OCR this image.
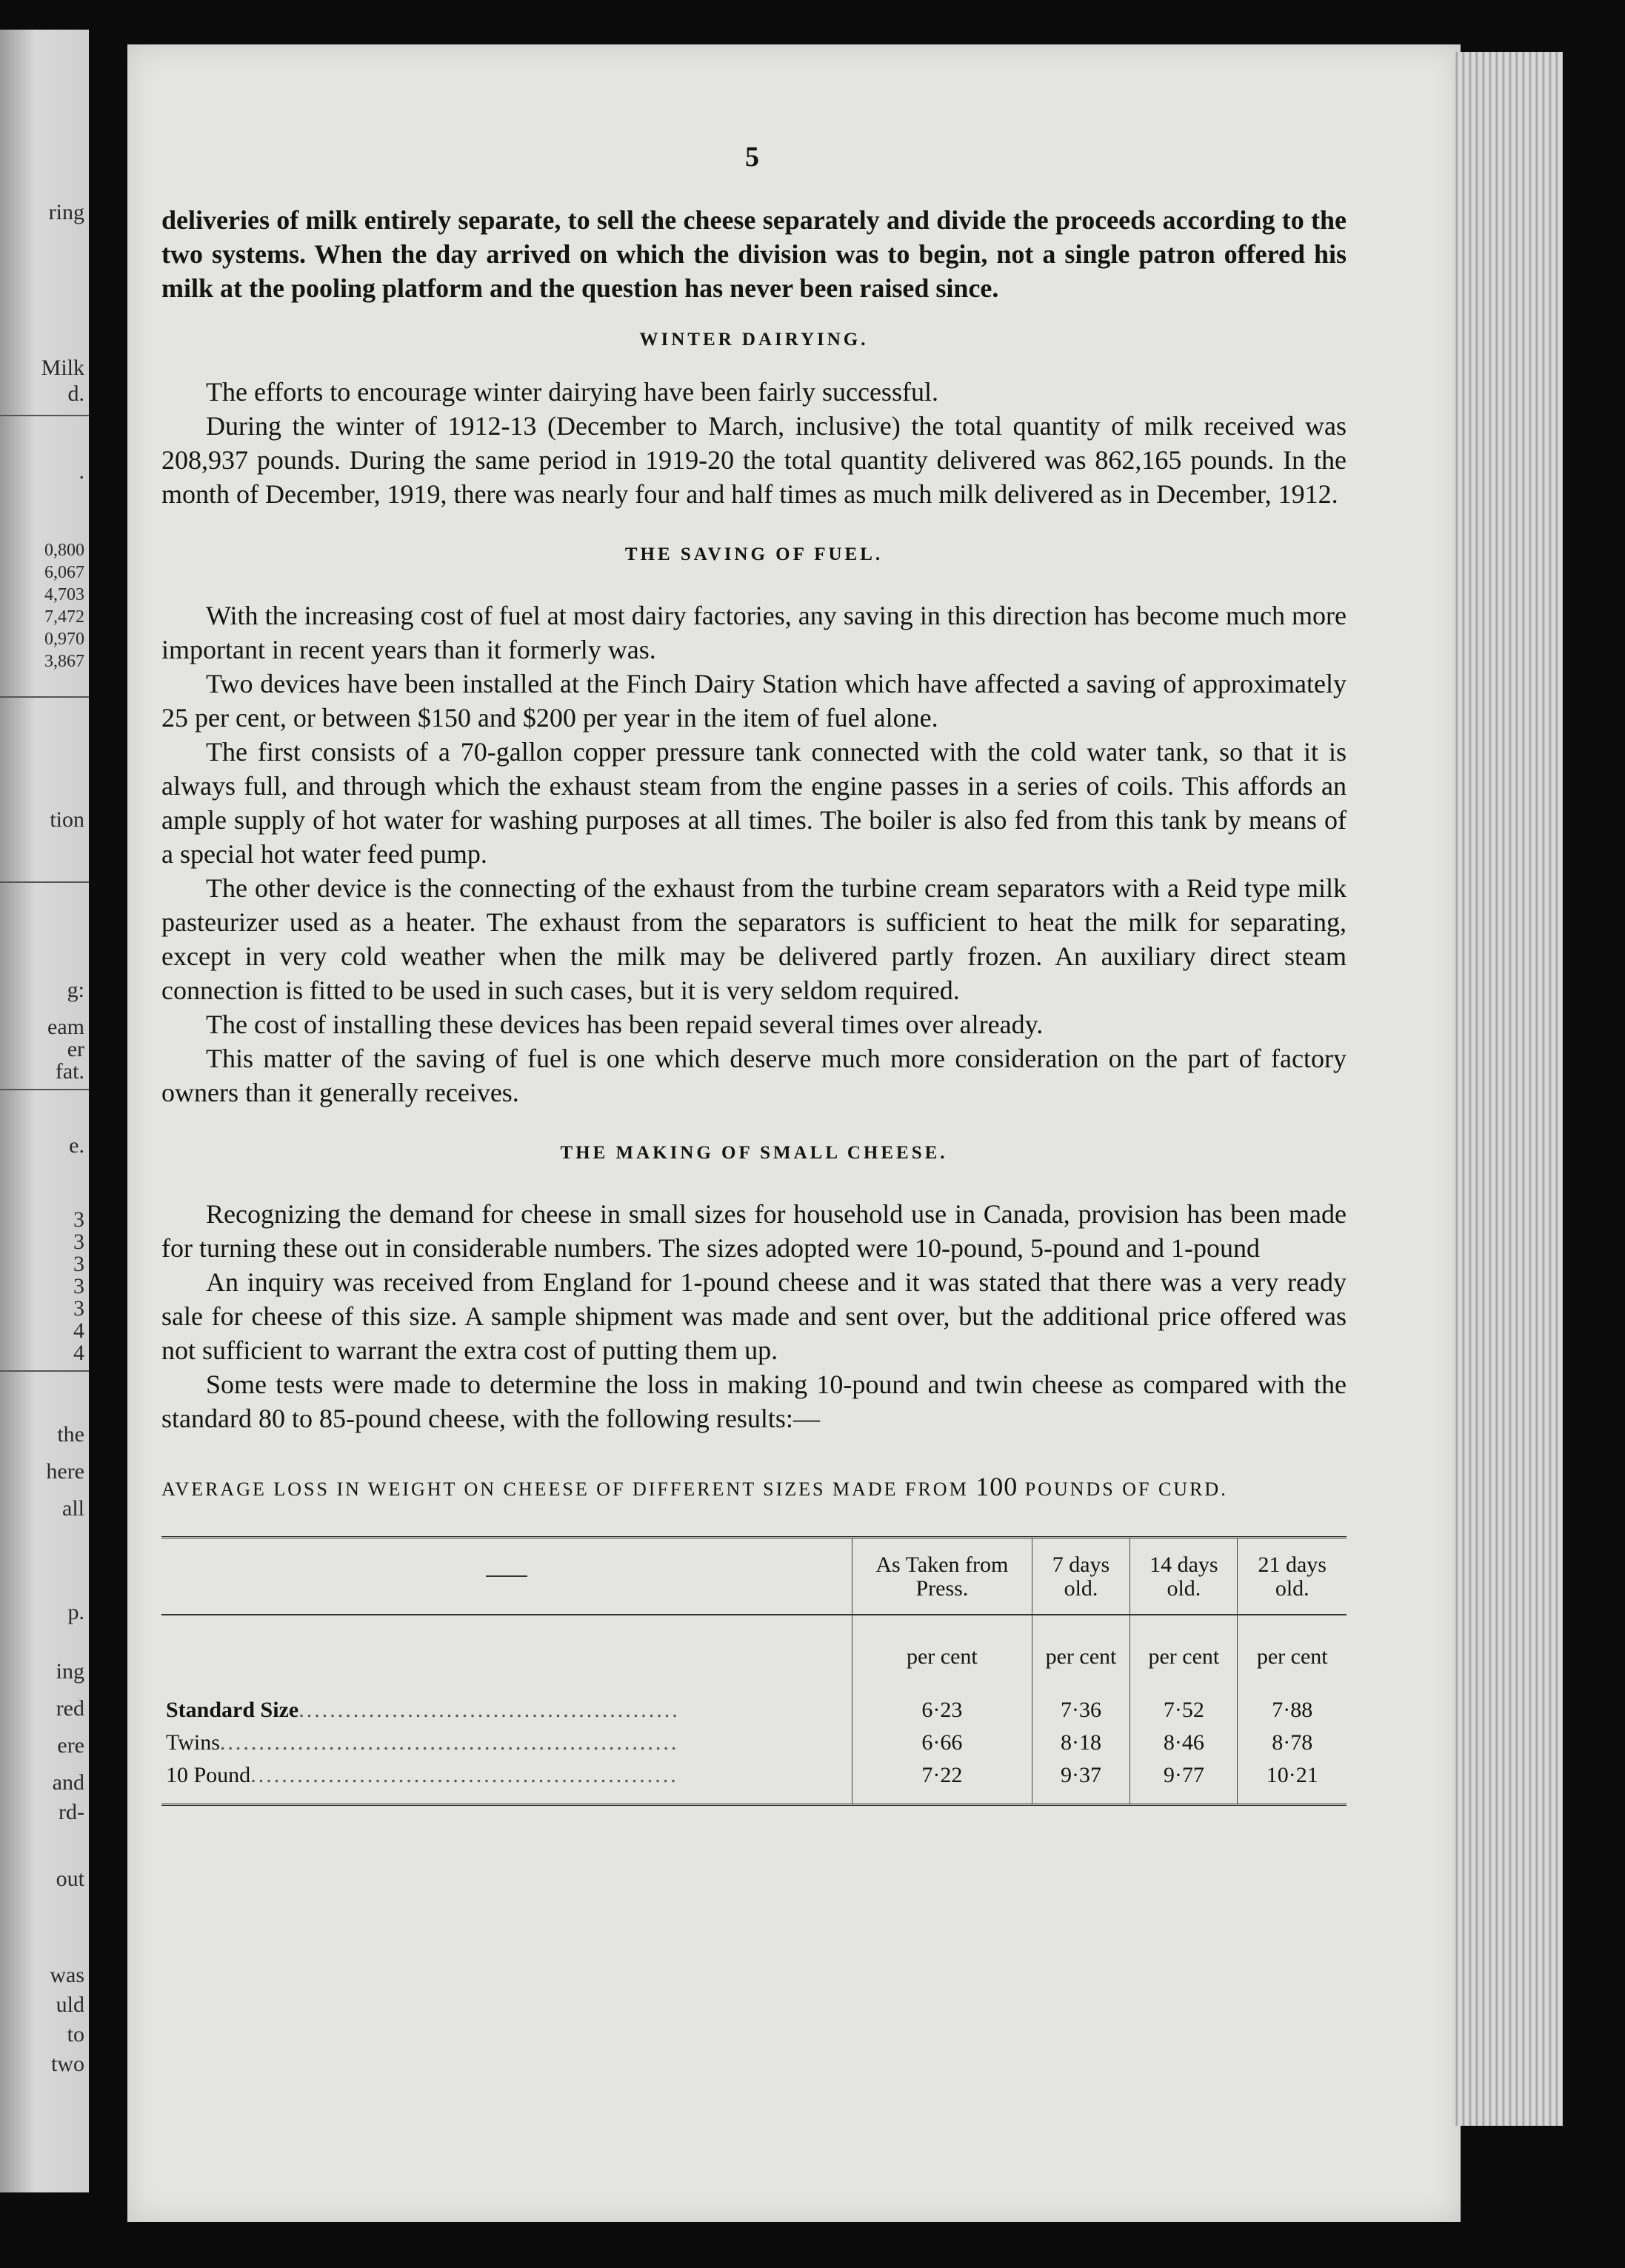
ring
Milk
d.
.
0,800
6,067
4,703
7,472
0,970
3,867
tion
g:
eam
er
fat.
e.
3
3
3
3
3
4
4
the
here
all
p.
ing
red
ere
and
rd-
out
was
uld
to
two
5

deliveries of milk entirely separate, to sell the cheese separately and divide the proceeds according to the two systems. When the day arrived on which the division was to begin, not a single patron offered his milk at the pooling platform and the question has never been raised since.

WINTER DAIRYING.

The efforts to encourage winter dairying have been fairly successful.

During the winter of 1912-13 (December to March, inclusive) the total quantity of milk received was 208,937 pounds. During the same period in 1919-20 the total quantity delivered was 862,165 pounds. In the month of December, 1919, there was nearly four and half times as much milk delivered as in December, 1912.

THE SAVING OF FUEL.

With the increasing cost of fuel at most dairy factories, any saving in this direction has become much more important in recent years than it formerly was.

Two devices have been installed at the Finch Dairy Station which have affected a saving of approximately 25 per cent, or between $150 and $200 per year in the item of fuel alone.

The first consists of a 70-gallon copper pressure tank connected with the cold water tank, so that it is always full, and through which the exhaust steam from the engine passes in a series of coils. This affords an ample supply of hot water for washing purposes at all times. The boiler is also fed from this tank by means of a special hot water feed pump.

The other device is the connecting of the exhaust from the turbine cream separators with a Reid type milk pasteurizer used as a heater. The exhaust from the separators is sufficient to heat the milk for separating, except in very cold weather when the milk may be delivered partly frozen. An auxiliary direct steam connection is fitted to be used in such cases, but it is very seldom required.

The cost of installing these devices has been repaid several times over already.

This matter of the saving of fuel is one which deserve much more consideration on the part of factory owners than it generally receives.

THE MAKING OF SMALL CHEESE.

Recognizing the demand for cheese in small sizes for household use in Canada, provision has been made for turning these out in considerable numbers. The sizes adopted were 10-pound, 5-pound and 1-pound

An inquiry was received from England for 1-pound cheese and it was stated that there was a very ready sale for cheese of this size. A sample shipment was made and sent over, but the additional price offered was not sufficient to warrant the extra cost of putting them up.

Some tests were made to determine the loss in making 10-pound and twin cheese as compared with the standard 80 to 85-pound cheese, with the following results:—

AVERAGE LOSS IN WEIGHT ON CHEESE OF DIFFERENT SIZES MADE FROM 100 POUNDS OF CURD.
	As Taken from Press.	7 days old.	14 days old.	21 days old.
	per cent	per cent	per cent	per cent
Standard Size.................................................	6·23	7·36	7·52	7·88
Twins...........................................................	6·66	8·18	8·46	8·78
10 Pound.......................................................	7·22	9·37	9·77	10·21
